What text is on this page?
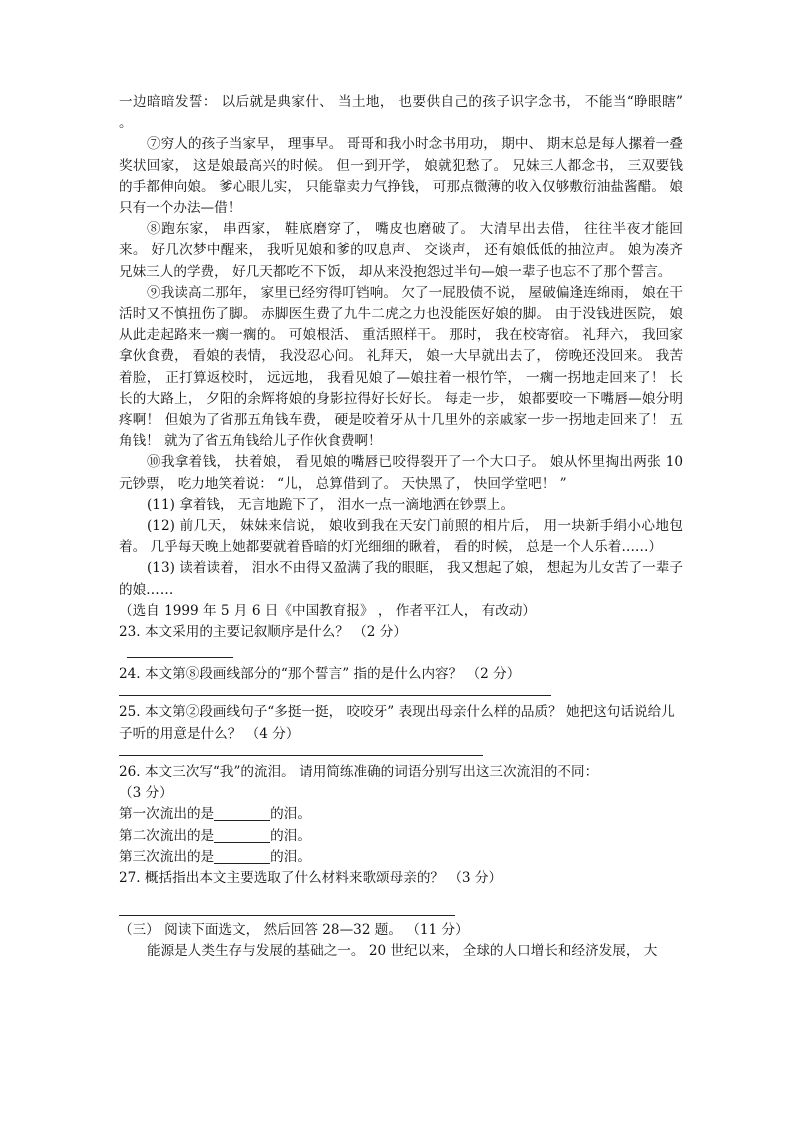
一边暗暗发誓： 以后就是典家什、 当土地， 也要供自己的孩子识字念书， 不能当“睁眼瞎” 。

⑦穷人的孩子当家早， 理事早。 哥哥和我小时念书用功， 期中、 期末总是每人摞着一叠奖状回家， 这是娘最高兴的时候。 但一到开学， 娘就犯愁了。 兄妹三人都念书， 三双要钱的手都伸向娘。 爹心眼儿实， 只能靠卖力气挣钱， 可那点微薄的收入仅够敷衍油盐酱醋。 娘只有一个办法—借！

⑧跑东家， 串西家， 鞋底磨穿了， 嘴皮也磨破了。 大清早出去借， 往往半夜才能回来。 好几次梦中醒来， 我听见娘和爹的叹息声、 交谈声， 还有娘低低的抽泣声。 娘为凑齐兄妹三人的学费， 好几天都吃不下饭， 却从来没抱怨过半句—娘一辈子也忘不了那个誓言。

⑨我读高二那年， 家里已经穷得叮铛响。 欠了一屁股债不说， 屋破偏逢连绵雨， 娘在干活时又不慎扭伤了脚。 赤脚医生费了九牛二虎之力也没能医好娘的脚。 由于没钱进医院， 娘从此走起路来一瘸一瘸的。 可娘根活、 重活照样干。 那时， 我在校寄宿。 礼拜六， 我回家拿伙食费， 看娘的表情， 我没忍心问。 礼拜天， 娘一大早就出去了， 傍晚还没回来。 我苦着脸， 正打算返校时， 远远地， 我看见娘了—娘拄着一根竹竿， 一瘸一拐地走回来了！ 长长的大路上， 夕阳的余辉将娘的身影拉得好长好长。 每走一步， 娘都要咬一下嘴唇—娘分明疼啊！ 但娘为了省那五角钱车费， 硬是咬着牙从十几里外的亲戚家一步一拐地走回来了！ 五角钱！ 就为了省五角钱给儿子作伙食费啊！

⑩我拿着钱， 扶着娘， 看见娘的嘴唇已咬得裂开了一个大口子。 娘从怀里掏出两张 10 元钞票， 吃力地笑着说： “儿， 总算借到了。 天快黑了， 快回学堂吧！ ”

(11) 拿着钱， 无言地跪下了， 泪水一点一滴地洒在钞票上。

(12) 前几天， 妹妹来信说， 娘收到我在天安门前照的相片后， 用一块新手绢小心地包着。 几乎每天晚上她都要就着昏暗的灯光细细的瞅着， 看的时候， 总是一个人乐着……）

(13) 读着读着， 泪水不由得又盈满了我的眼眶， 我又想起了娘， 想起为儿女苦了一辈子的娘……

（选自 1999 年 5 月 6 日《中国教育报》 ， 作者平江人， 有改动）

23. 本文采用的主要记叙顺序是什么？ （2 分）

24. 本文第⑧段画线部分的“那个誓言” 指的是什么内容？ （2 分）

25. 本文第②段画线句子“多挺一挺， 咬咬牙” 表现出母亲什么样的品质？ 她把这句话说给儿子听的用意是什么？ （4 分）

26. 本文三次写“我”的流泪。 请用简练准确的词语分别写出这三次流泪的不同：

（3 分）

第一次流出的是	的泪。

第二次流出的是	的泪。

第三次流出的是	的泪。

27. 概括指出本文主要选取了什么材料来歌颂母亲的？ （3 分）

（三） 阅读下面选文， 然后回答 28—32 题。 （11 分）

能源是人类生存与发展的基础之一。 20 世纪以来， 全球的人口增长和经济发展， 大
